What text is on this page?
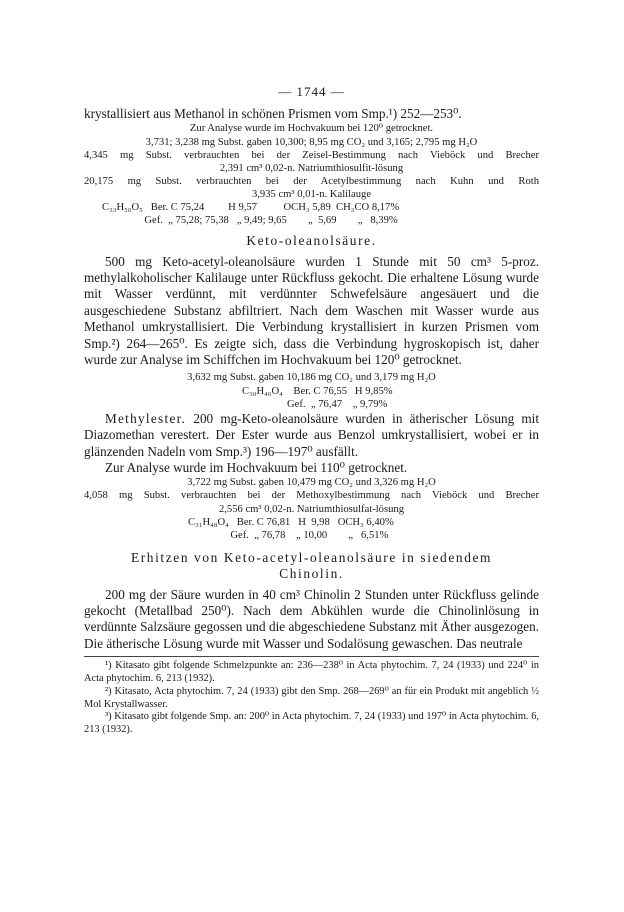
— 1744 —

krystallisiert aus Methanol in schönen Prismen vom Smp.¹) 252—253⁰.

Zur Analyse wurde im Hochvakuum bei 120⁰ getrocknet.

3,731; 3,238 mg Subst. gaben 10,300; 8,95 mg CO₂ und 3,165; 2,795 mg H₂O

4,345 mg Subst. verbrauchten bei der Zeisel-Bestimmung nach Vieböck und Brecher

2,391 cm³ 0,02-n. Natriumthiosulfit-lösung

20,175 mg Subst. verbrauchten bei der Acetylbestimmung nach Kuhn und Roth

3,935 cm³ 0,01-n. Kalilauge

C₃₃H₅₀O₅   Ber. C 75,24         H 9,57          OCH₃ 5,89  CH₃CO 8,17%

Gef.  „ 75,28; 75,38   „ 9,49; 9,65        „  5,69        „   8,39%

Keto-oleanolsäure.

500 mg Keto-acetyl-oleanolsäure wurden 1 Stunde mit 50 cm³ 5-proz. methylalkoholischer Kalilauge unter Rückfluss gekocht. Die erhaltene Lösung wurde mit Wasser verdünnt, mit verdünnter Schwefelsäure angesäuert und die ausgeschiedene Substanz abfiltriert. Nach dem Waschen mit Wasser wurde aus Methanol umkrystallisiert. Die Verbindung krystallisiert in kurzen Prismen vom Smp.²) 264—265⁰. Es zeigte sich, dass die Verbindung hygroskopisch ist, daher wurde zur Analyse im Schiffchen im Hochvakuum bei 120⁰ getrocknet.

3,632 mg Subst. gaben 10,186 mg CO₂ und 3,179 mg H₂O

C₃₀H₄₆O₄    Ber. C 76,55   H 9,85%

Gef.  „ 76,47    „ 9,79%

Methylester. 200 mg-Keto-oleanolsäure wurden in ätherischer Lösung mit Diazomethan verestert. Der Ester wurde aus Benzol umkrystallisiert, wobei er in glänzenden Nadeln vom Smp.³) 196—197⁰ ausfällt.

Zur Analyse wurde im Hochvakuum bei 110⁰ getrocknet.

3,722 mg Subst. gaben 10,479 mg CO₂ und 3,326 mg H₂O

4,058 mg Subst. verbrauchten bei der Methoxylbestimmung nach Vieböck und Brecher

2,556 cm³ 0,02-n. Natriumthiosulfat-lösung

C₃₁H₄₈O₄   Ber. C 76,81   H  9,98   OCH₃ 6,40%

Gef.  „ 76,78    „ 10,00        „   6,51%

Erhitzen von Keto-acetyl-oleanolsäure in siedendem
Chinolin.

200 mg der Säure wurden in 40 cm³ Chinolin 2 Stunden unter Rückfluss gelinde gekocht (Metallbad 250⁰). Nach dem Abkühlen wurde die Chinolinlösung in verdünnte Salzsäure gegossen und die abgeschiedene Substanz mit Äther ausgezogen. Die ätherische Lösung wurde mit Wasser und Sodalösung gewaschen. Das neutrale

¹) Kitasato gibt folgende Schmelzpunkte an: 236—238⁰ in Acta phytochim. 7, 24 (1933) und 224⁰ in Acta phytochim. 6, 213 (1932).

²) Kitasato, Acta phytochim. 7, 24 (1933) gibt den Smp. 268—269⁰ an für ein Produkt mit angeblich ½ Mol Krystallwasser.

³) Kitasato gibt folgende Smp. an: 200⁰ in Acta phytochim. 7, 24 (1933) und 197⁰ in Acta phytochim. 6, 213 (1932).
